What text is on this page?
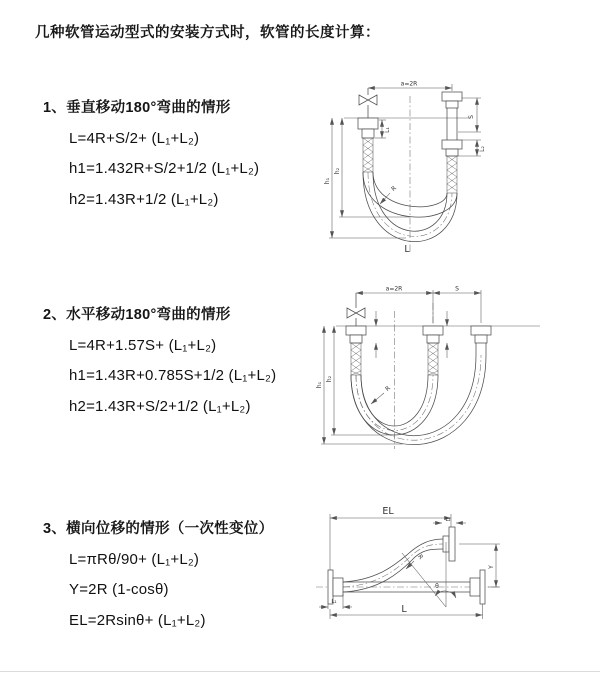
几种软管运动型式的安装方式时，软管的长度计算：
1、垂直移动180°弯曲的情形
L=4R+S/2+ (L₁+L₂)
h1=1.432R+S/2+1/2 (L₁+L₂)
h2=1.43R+1/2 (L₁+L₂)
2、水平移动180°弯曲的情形
L=4R+1.57S+ (L₁+L₂)
h1=1.43R+0.785S+1/2 (L₁+L₂)
h2=1.43R+S/2+1/2 (L₁+L₂)
3、横向位移的情形（一次性变位）
L=πRθ/90+ (L₁+L₂)
Y=2R (1-cosθ)
EL=2Rsinθ+ (L₁+L₂)
a=2R
h₁
h₂
L₁
S
L₂
R
L
a=2R	S
h₁
h₂
R
θ
R
EL
L₂
Y
L₁
L
